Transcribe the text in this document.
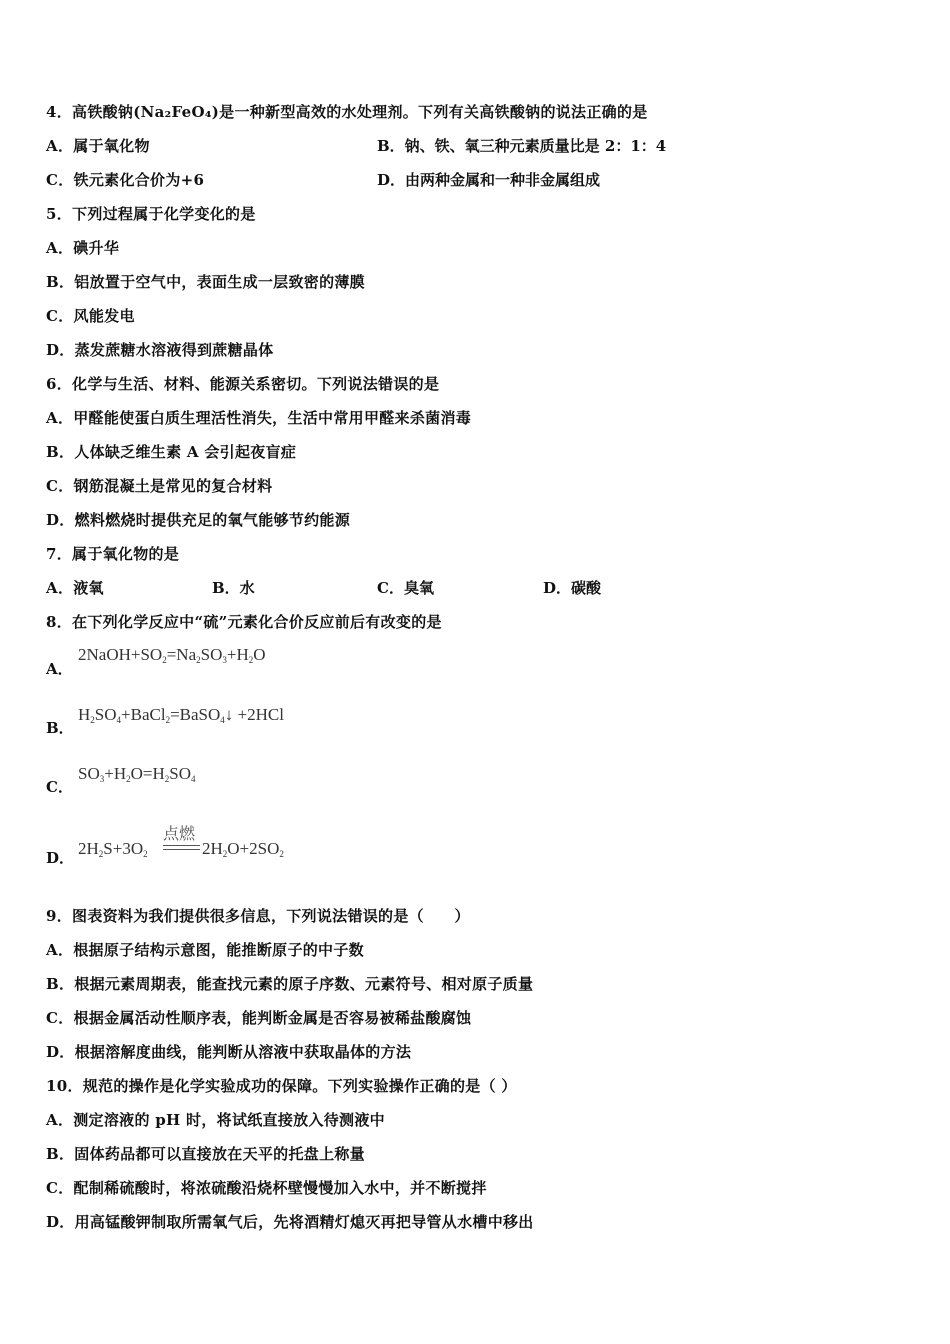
4．高铁酸钠(Na₂FeO₄)是一种新型高效的水处理剂。下列有关高铁酸钠的说法正确的是
A．属于氧化物	B．钠、铁、氧三种元素质量比是 2：1：4
C．铁元素化合价为+6	D．由两种金属和一种非金属组成
5．下列过程属于化学变化的是
A．碘升华
B．铝放置于空气中，表面生成一层致密的薄膜
C．风能发电
D．蒸发蔗糖水溶液得到蔗糖晶体
6．化学与生活、材料、能源关系密切。下列说法错误的是
A．甲醛能使蛋白质生理活性消失，生活中常用甲醛来杀菌消毒
B．人体缺乏维生素 A 会引起夜盲症
C．钢筋混凝土是常见的复合材料
D．燃料燃烧时提供充足的氧气能够节约能源
7．属于氧化物的是
A．液氧	B．水	C．臭氧	D．碳酸
8．在下列化学反应中“硫”元素化合价反应前后有改变的是
A．
$2NaOH+SO_2=Na_2SO_3+H_2O$
B．
$H_2SO_4+BaCl_2=BaSO_4↓ +2HCl$
C．
$SO_3+H_2O=H_2SO_4$
D． $2H_2S+3O_2$
点燃
$2H_2O+2SO_2$
9．图表资料为我们提供很多信息，下列说法错误的是（　　）
A．根据原子结构示意图，能推断原子的中子数
B．根据元素周期表，能查找元素的原子序数、元素符号、相对原子质量
C．根据金属活动性顺序表，能判断金属是否容易被稀盐酸腐蚀
D．根据溶解度曲线，能判断从溶液中获取晶体的方法
10．规范的操作是化学实验成功的保障。下列实验操作正确的是（ ）
A．测定溶液的 pH 时，将试纸直接放入待测液中
B．固体药品都可以直接放在天平的托盘上称量
C．配制稀硫酸时，将浓硫酸沿烧杯壁慢慢加入水中，并不断搅拌
D．用高锰酸钾制取所需氧气后，先将酒精灯熄灭再把导管从水槽中移出
